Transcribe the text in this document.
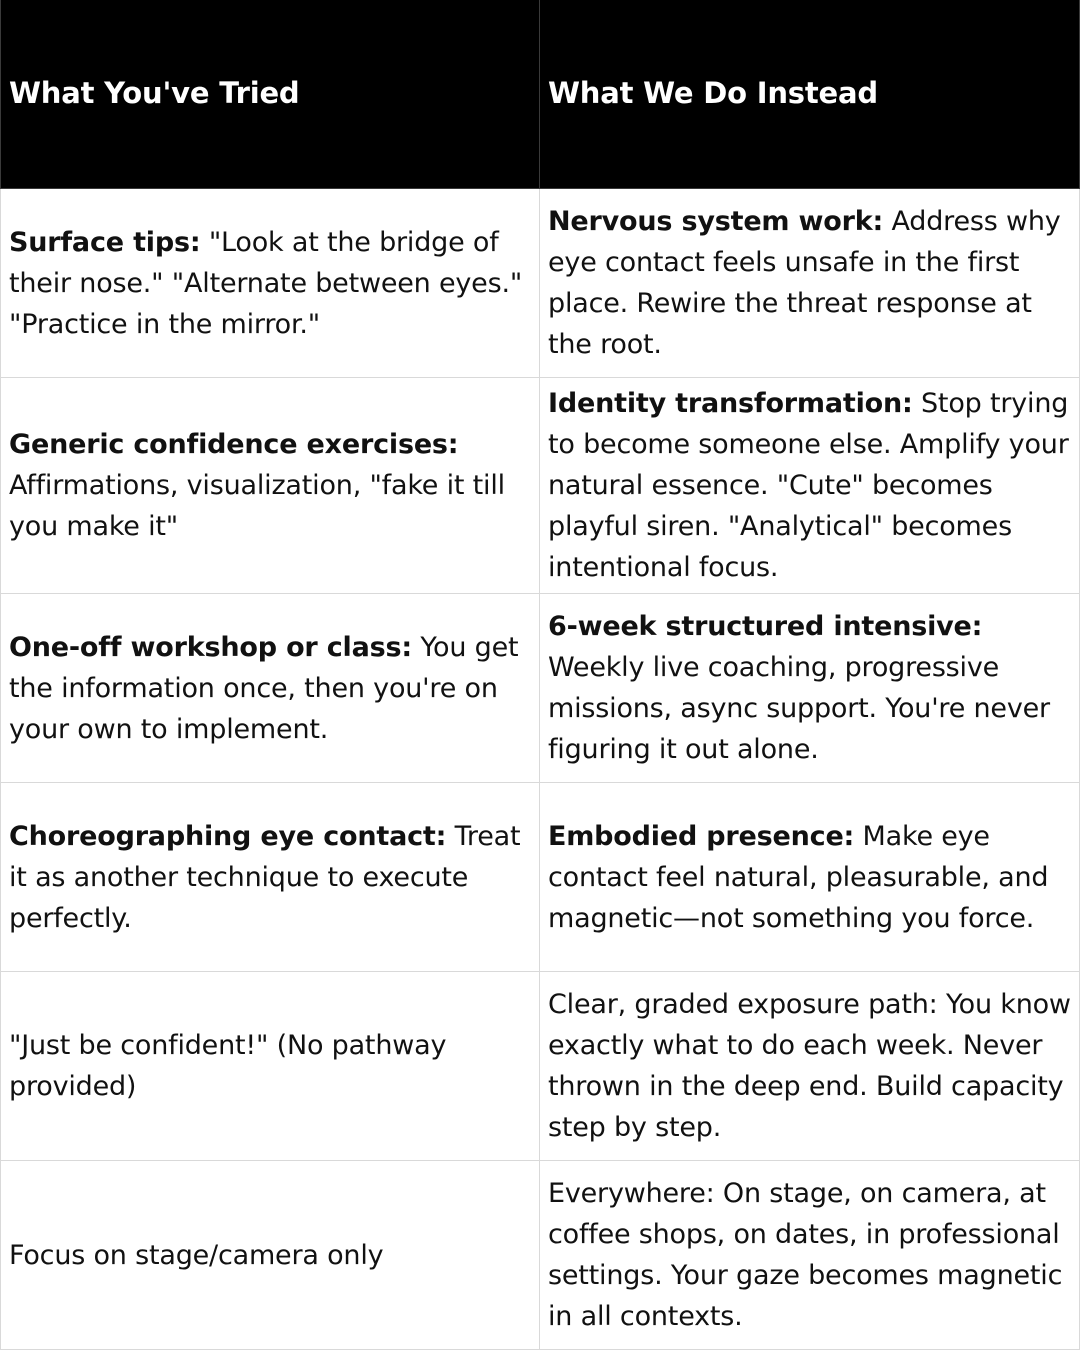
What You've Tried	What We Do Instead
Surface tips: "Look at the bridge of their nose." "Alternate between eyes." "Practice in the mirror."
Nervous system work: Address why eye contact feels unsafe in the first place. Rewire the threat response at the root.
Generic confidence exercises: Affirmations, visualization, "fake it till you make it"
Identity transformation: Stop trying to become someone else. Amplify your natural essence. "Cute" becomes playful siren. "Analytical" becomes intentional focus.
One-off workshop or class: You get the information once, then you're on your own to implement.
6-week structured intensive: Weekly live coaching, progressive missions, async support. You're never figuring it out alone.
Choreographing eye contact: Treat it as another technique to execute perfectly.
Embodied presence: Make eye contact feel natural, pleasurable, and magnetic—not something you force.
"Just be confident!" (No pathway provided)
Clear, graded exposure path: You know exactly what to do each week. Never thrown in the deep end. Build capacity step by step.
Focus on stage/camera only
Everywhere: On stage, on camera, at coffee shops, on dates, in professional settings. Your gaze becomes magnetic in all contexts.
